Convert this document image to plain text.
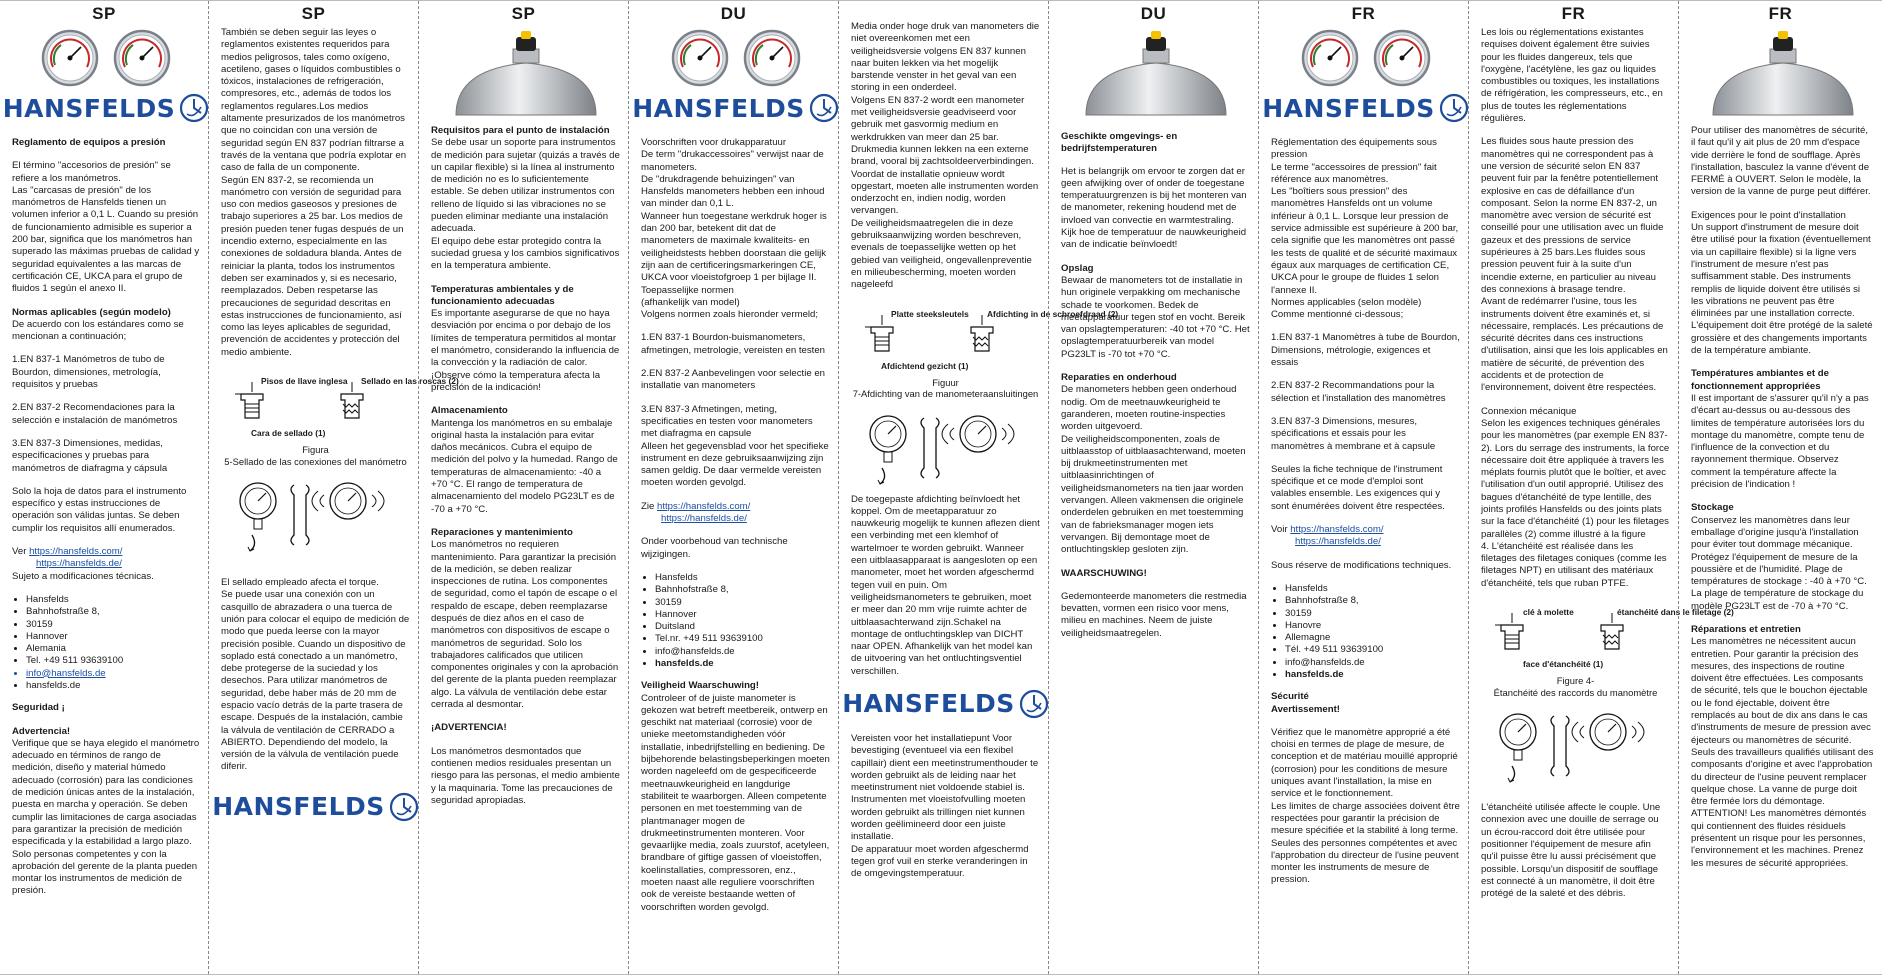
SP
HANSFELDS

Reglamento de equipos a presión

El término "accesorios de presión" se refiere a los manómetros.
Las "carcasas de presión" de los manómetros de Hansfelds tienen un volumen inferior a 0,1 L. Cuando su presión de funcionamiento admisible es superior a 200 bar, significa que los manómetros han superado las máximas pruebas de calidad y seguridad equivalentes a las marcas de certificación CE, UKCA para el grupo de fluidos 1 según el anexo II.

Normas aplicables (según modelo)

De acuerdo con los estándares como se mencionan a continuación;

1.EN 837-1 Manómetros de tubo de Bourdon, dimensiones, metrología, requisitos y pruebas

2.EN 837-2 Recomendaciones para la selección e instalación de manómetros

3.EN 837-3 Dimensiones, medidas, especificaciones y pruebas para manómetros de diafragma y cápsula

Solo la hoja de datos para el instrumento específico y estas instrucciones de operación son válidas juntas. Se deben cumplir los requisitos allí enumerados.

Ver https://hansfelds.com/

https://hansfelds.de/

Sujeto a modificaciones técnicas.

• Hansfelds
• Bahnhofstraße 8,
• 30159
• Hannover
• Alemania
• Tel. +49 511 93639100
• info@hansfelds.de
• hansfelds.de

Seguridad ¡

Advertencia!

Verifique que se haya elegido el manómetro adecuado en términos de rango de medición, diseño y material húmedo adecuado (corrosión) para las condiciones de medición únicas antes de la instalación, puesta en marcha y operación. Se deben cumplir las limitaciones de carga asociadas para garantizar la precisión de medición especificada y la estabilidad a largo plazo. Solo personas competentes y con la aprobación del gerente de la planta pueden montar los instrumentos de medición de presión.

SP

También se deben seguir las leyes o reglamentos existentes requeridos para medios peligrosos, tales como oxígeno, acetileno, gases o líquidos combustibles o tóxicos, instalaciones de refrigeración, compresores, etc., además de todos los reglamentos regulares.Los medios altamente presurizados de los manómetros que no coincidan con una versión de seguridad según EN 837 podrían filtrarse a través de la ventana que podría explotar en caso de falla de un componente.
Según EN 837-2, se recomienda un manómetro con versión de seguridad para uso con medios gaseosos y presiones de trabajo superiores a 25 bar. Los medios de presión pueden tener fugas después de un incendio externo, especialmente en las conexiones de soldadura blanda. Antes de reiniciar la planta, todos los instrumentos deben ser examinados y, si es necesario, reemplazados. Deben respetarse las precauciones de seguridad descritas en estas instrucciones de funcionamiento, así como las leyes aplicables de seguridad, prevención de accidentes y protección del medio ambiente.

Pisos de llave inglesa Sellado en las roscas (2)
Cara de sellado (1)
Figura
5-Sellado de las conexiones del manómetro

El sellado empleado afecta el torque.
Se puede usar una conexión con un casquillo de abrazadera o una tuerca de unión para colocar el equipo de medición de modo que pueda leerse con la mayor precisión posible. Cuando un dispositivo de soplado está conectado a un manómetro, debe protegerse de la suciedad y los desechos. Para utilizar manómetros de seguridad, debe haber más de 20 mm de espacio vacío detrás de la parte trasera de escape. Después de la instalación, cambie la válvula de ventilación de CERRADO a ABIERTO. Dependiendo del modelo, la versión de la válvula de ventilación puede diferir.

HANSFELDS
SP

Requisitos para el punto de instalación

Se debe usar un soporte para instrumentos de medición para sujetar (quizás a través de un capilar flexible) si la línea al instrumento de medición no es lo suficientemente estable. Se deben utilizar instrumentos con relleno de líquido si las vibraciones no se pueden eliminar mediante una instalación adecuada.
El equipo debe estar protegido contra la suciedad gruesa y los cambios significativos en la temperatura ambiente.

Temperaturas ambientales y de funcionamiento adecuadas

Es importante asegurarse de que no haya desviación por encima o por debajo de los límites de temperatura permitidos al montar el manómetro, considerando la influencia de la convección y la radiación de calor. ¡Observe cómo la temperatura afecta la precisión de la indicación!

Almacenamiento

Mantenga los manómetros en su embalaje original hasta la instalación para evitar daños mecánicos. Cubra el equipo de medición del polvo y la humedad. Rango de temperaturas de almacenamiento: -40 a +70 °C. El rango de temperatura de almacenamiento del modelo PG23LT es de -70 a +70 °C.

Reparaciones y mantenimiento

Los manómetros no requieren mantenimiento. Para garantizar la precisión de la medición, se deben realizar inspecciones de rutina. Los componentes de seguridad, como el tapón de escape o el respaldo de escape, deben reemplazarse después de diez años en el caso de manómetros con dispositivos de escape o manómetros de seguridad. Solo los trabajadores calificados que utilicen componentes originales y con la aprobación del gerente de la planta pueden reemplazar algo. La válvula de ventilación debe estar cerrada al desmontar.

¡ADVERTENCIA!

Los manómetros desmontados que contienen medios residuales presentan un riesgo para las personas, el medio ambiente y la maquinaria. Tome las precauciones de seguridad apropiadas.

DU
HANSFELDS

Voorschriften voor drukapparatuur
De term "drukaccessoires" verwijst naar de manometers.
De "drukdragende behuizingen" van Hansfelds manometers hebben een inhoud van minder dan 0,1 L.
Wanneer hun toegestane werkdruk hoger is dan 200 bar, betekent dit dat de manometers de maximale kwaliteits- en veiligheidstests hebben doorstaan die gelijk zijn aan de certificeringsmarkeringen CE, UKCA voor vloeistofgroep 1 per bijlage II. Toepasselijke normen
(afhankelijk van model)
Volgens normen zoals hieronder vermeld;

1.EN 837-1 Bourdon-buismanometers, afmetingen, metrologie, vereisten en testen

2.EN 837-2 Aanbevelingen voor selectie en installatie van manometers

3.EN 837-3 Afmetingen, meting, specificaties en testen voor manometers met diafragma en capsule
Alleen het gegevensblad voor het specifieke instrument en deze gebruiksaanwijzing zijn samen geldig. De daar vermelde vereisten moeten worden gevolgd.

Zie https://hansfelds.com/

https://hansfelds.de/

Onder voorbehoud van technische wijzigingen.

• Hansfelds
• Bahnhofstraße 8,
• 30159
• Hannover
• Duitsland
• Tel.nr. +49 511 93639100
• info@hansfelds.de
• hansfelds.de

Veiligheid Waarschuwing!

Controleer of de juiste manometer is gekozen wat betreft meetbereik, ontwerp en geschikt nat materiaal (corrosie) voor de unieke meetomstandigheden vóór installatie, inbedrijfstelling en bediening. De bijbehorende belastingsbeperkingen moeten worden nageleefd om de gespecificeerde meetnauwkeurigheid en langdurige stabiliteit te waarborgen. Alleen competente personen en met toestemming van de plantmanager mogen de drukmeetinstrumenten monteren. Voor gevaarlijke media, zoals zuurstof, acetyleen, brandbare of giftige gassen of vloeistoffen, koelinstallaties, compressoren, enz., moeten naast alle reguliere voorschriften ook de vereiste bestaande wetten of voorschriften worden gevolgd.

Media onder hoge druk van manometers die niet overeenkomen met een veiligheidsversie volgens EN 837 kunnen naar buiten lekken via het mogelijk barstende venster in het geval van een storing in een onderdeel.
Volgens EN 837-2 wordt een manometer met veiligheidsversie geadviseerd voor gebruik met gasvormig medium en werkdrukken van meer dan 25 bar. Drukmedia kunnen lekken na een externe brand, vooral bij zachtsoldeerverbindingen. Voordat de installatie opnieuw wordt opgestart, moeten alle instrumenten worden onderzocht en, indien nodig, worden vervangen.
De veiligheidsmaatregelen die in deze gebruiksaanwijzing worden beschreven, evenals de toepasselijke wetten op het gebied van veiligheid, ongevallenpreventie en milieubescherming, moeten worden nageleefd

Platte steeksleutels Afdichting in de schroefdraad (2)
Afdichtend gezicht (1)
Figuur
7-Afdichting van de manometeraansluitingen

De toegepaste afdichting beïnvloedt het koppel. Om de meetapparatuur zo nauwkeurig mogelijk te kunnen aflezen dient een verbinding met een klemhof of wartelmoer te worden gebruikt. Wanneer een uitblaasapparaat is aangesloten op een manometer, moet het worden afgeschermd tegen vuil en puin. Om veiligheidsmanometers te gebruiken, moet er meer dan 20 mm vrije ruimte achter de uitblaasachterwand zijn.Schakel na montage de ontluchtingsklep van DICHT naar OPEN. Afhankelijk van het model kan de uitvoering van het ontluchtingsventiel verschillen.

HANSFELDS

Vereisten voor het installatiepunt Voor bevestiging (eventueel via een flexibel capillair) dient een meetinstrumenthouder te worden gebruikt als de leiding naar het meetinstrument niet voldoende stabiel is. Instrumenten met vloeistofvulling moeten worden gebruikt als trillingen niet kunnen worden geëlimineerd door een juiste installatie.
De apparatuur moet worden afgeschermd tegen grof vuil en sterke veranderingen in de omgevingstemperatuur.

DU

Geschikte omgevings- en bedrijfstemperaturen

Het is belangrijk om ervoor te zorgen dat er geen afwijking over of onder de toegestane temperatuurgrenzen is bij het monteren van de manometer, rekening houdend met de invloed van convectie en warmtestraling. Kijk hoe de temperatuur de nauwkeurigheid van de indicatie beïnvloedt!

Opslag

Bewaar de manometers tot de installatie in hun originele verpakking om mechanische schade te voorkomen. Bedek de meetapparatuur tegen stof en vocht. Bereik van opslagtemperaturen: -40 tot +70 °C. Het opslagtemperatuurbereik van model PG23LT is -70 tot +70 °C.

Reparaties en onderhoud

De manometers hebben geen onderhoud nodig. Om de meetnauwkeurigheid te garanderen, moeten routine-inspecties worden uitgevoerd.
De veiligheidscomponenten, zoals de uitblaasstop of uitblaasachterwand, moeten bij drukmeetinstrumenten met uitblaasinrichtingen of veiligheidsmanometers na tien jaar worden vervangen. Alleen vakmensen die originele onderdelen gebruiken en met toestemming van de fabrieksmanager mogen iets vervangen. Bij demontage moet de ontluchtingsklep gesloten zijn.

WAARSCHUWING!

Gedemonteerde manometers die restmedia bevatten, vormen een risico voor mens, milieu en machines. Neem de juiste veiligheidsmaatregelen.

FR
HANSFELDS

Réglementation des équipements sous pression
Le terme "accessoires de pression" fait référence aux manomètres.
Les "boîtiers sous pression" des manomètres Hansfelds ont un volume inférieur à 0,1 L. Lorsque leur pression de service admissible est supérieure à 200 bar, cela signifie que les manomètres ont passé les tests de qualité et de sécurité maximaux égaux aux marquages de certification CE, UKCA pour le groupe de fluides 1 selon l'annexe II.
Normes applicables (selon modèle)
Comme mentionné ci-dessous;

1.EN 837-1 Manomètres à tube de Bourdon, Dimensions, métrologie, exigences et essais

2.EN 837-2 Recommandations pour la sélection et l'installation des manomètres

3.EN 837-3 Dimensions, mesures, spécifications et essais pour les manomètres à membrane et à capsule

Seules la fiche technique de l'instrument spécifique et ce mode d'emploi sont valables ensemble. Les exigences qui y sont énumérées doivent être respectées.

Voir https://hansfelds.com/

https://hansfelds.de/

Sous réserve de modifications techniques.

• Hansfelds
• Bahnhofstraße 8,
• 30159
• Hanovre
• Allemagne
• Tél. +49 511 93639100
• info@hansfelds.de
• hansfelds.de

Sécurité

Avertissement!

Vérifiez que le manomètre approprié a été choisi en termes de plage de mesure, de conception et de matériau mouillé approprié (corrosion) pour les conditions de mesure uniques avant l'installation, la mise en service et le fonctionnement.
Les limites de charge associées doivent être respectées pour garantir la précision de mesure spécifiée et la stabilité à long terme.
Seules des personnes compétentes et avec l'approbation du directeur de l'usine peuvent monter les instruments de mesure de pression.

FR

Les lois ou réglementations existantes requises doivent également être suivies pour les fluides dangereux, tels que l'oxygène, l'acétylène, les gaz ou liquides combustibles ou toxiques, les installations de réfrigération, les compresseurs, etc., en plus de toutes les réglementations régulières.

Les fluides sous haute pression des manomètres qui ne correspondent pas à une version de sécurité selon EN 837 peuvent fuir par la fenêtre potentiellement explosive en cas de défaillance d'un composant. Selon la norme EN 837-2, un manomètre avec version de sécurité est conseillé pour une utilisation avec un fluide gazeux et des pressions de service supérieures à 25 bars.Les fluides sous pression peuvent fuir à la suite d'un incendie externe, en particulier au niveau des connexions à brasage tendre.
Avant de redémarrer l'usine, tous les instruments doivent être examinés et, si nécessaire, remplacés. Les précautions de sécurité décrites dans ces instructions d'utilisation, ainsi que les lois applicables en matière de sécurité, de prévention des accidents et de protection de l'environnement, doivent être respectées.

Connexion mécanique
Selon les exigences techniques générales pour les manomètres (par exemple EN 837-2). Lors du serrage des instruments, la force nécessaire doit être appliquée à travers les méplats fournis plutôt que le boîtier, et avec l'utilisation d'un outil approprié. Utilisez des bagues d'étanchéité de type lentille, des joints profilés Hansfelds ou des joints plats sur la face d'étanchéité (1) pour les filetages parallèles (2) comme illustré à la figure
4. L'étanchéité est réalisée dans les filetages des filetages coniques (comme les filetages NPT) en utilisant des matériaux d'étanchéité, tels que ruban PTFE.

clé à molette	étanchéité dans le filetage (2)
face d'étanchéité (1)
Figure 4-
Étanchéité des raccords du manomètre

L'étanchéité utilisée affecte le couple. Une connexion avec une douille de serrage ou un écrou-raccord doit être utilisée pour positionner l'équipement de mesure afin qu'il puisse être lu aussi précisément que possible. Lorsqu'un dispositif de soufflage est connecté à un manomètre, il doit être protégé de la saleté et des débris.

FR

Pour utiliser des manomètres de sécurité, il faut qu'il y ait plus de 20 mm d'espace vide derrière le fond de soufflage. Après l'installation, basculez la vanne d'évent de FERMÉ à OUVERT. Selon le modèle, la version de la vanne de purge peut différer.

Exigences pour le point d'installation
Un support d'instrument de mesure doit être utilisé pour la fixation (éventuellement via un capillaire flexible) si la ligne vers l'instrument de mesure n'est pas suffisamment stable. Des instruments remplis de liquide doivent être utilisés si les vibrations ne peuvent pas être éliminées par une installation correcte. L'équipement doit être protégé de la saleté grossière et des changements importants de la température ambiante.

Températures ambiantes et de fonctionnement appropriées

Il est important de s'assurer qu'il n'y a pas d'écart au-dessus ou au-dessous des limites de température autorisées lors du montage du manomètre, compte tenu de l'influence de la convection et du rayonnement thermique. Observez comment la température affecte la précision de l'indication !

Stockage

Conservez les manomètres dans leur emballage d'origine jusqu'à l'installation pour éviter tout dommage mécanique. Protégez l'équipement de mesure de la poussière et de l'humidité. Plage de températures de stockage : -40 à +70 °C. La plage de température de stockage du modèle PG23LT est de -70 à +70 °C.

Réparations et entretien

Les manomètres ne nécessitent aucun entretien. Pour garantir la précision des mesures, des inspections de routine doivent être effectuées. Les composants de sécurité, tels que le bouchon éjectable ou le fond éjectable, doivent être remplacés au bout de dix ans dans le cas d'instruments de mesure de pression avec éjecteurs ou manomètres de sécurité.
Seuls des travailleurs qualifiés utilisant des composants d'origine et avec l'approbation du directeur de l'usine peuvent remplacer quelque chose. La vanne de purge doit être fermée lors du démontage.
ATTENTION! Les manomètres démontés qui contiennent des fluides résiduels présentent un risque pour les personnes, l'environnement et les machines. Prenez les mesures de sécurité appropriées.
